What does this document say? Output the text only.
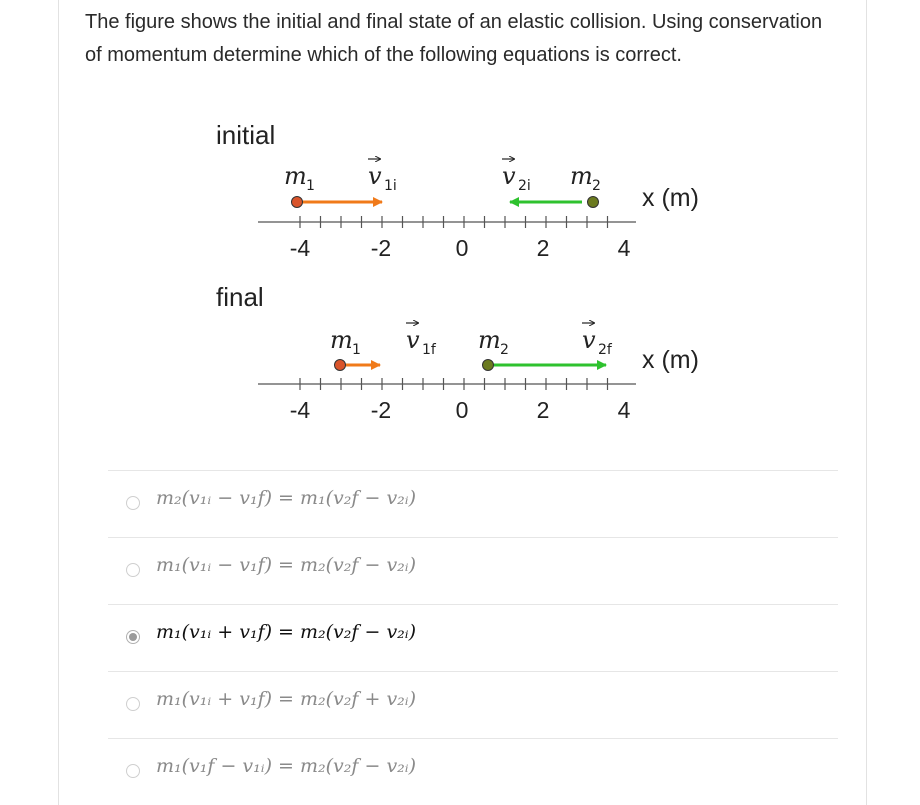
The figure shows the initial and final state of an elastic collision. Using conservation of momentum determine which of the following equations is correct.
initial
m 1 v 1i	v 2i m 2 x (m)
-4	-2	0	2	4
final
m 1 v 1f m 2	v 2f x (m)
-4	-2	0	2	4
m₂(v₁ᵢ − v₁f) = m₁(v₂f − v₂ᵢ)
m₁(v₁ᵢ − v₁f) = m₂(v₂f − v₂ᵢ)
m₁(v₁ᵢ + v₁f) = m₂(v₂f − v₂ᵢ)
m₁(v₁ᵢ + v₁f) = m₂(v₂f + v₂ᵢ)
m₁(v₁f − v₁ᵢ) = m₂(v₂f − v₂ᵢ)
